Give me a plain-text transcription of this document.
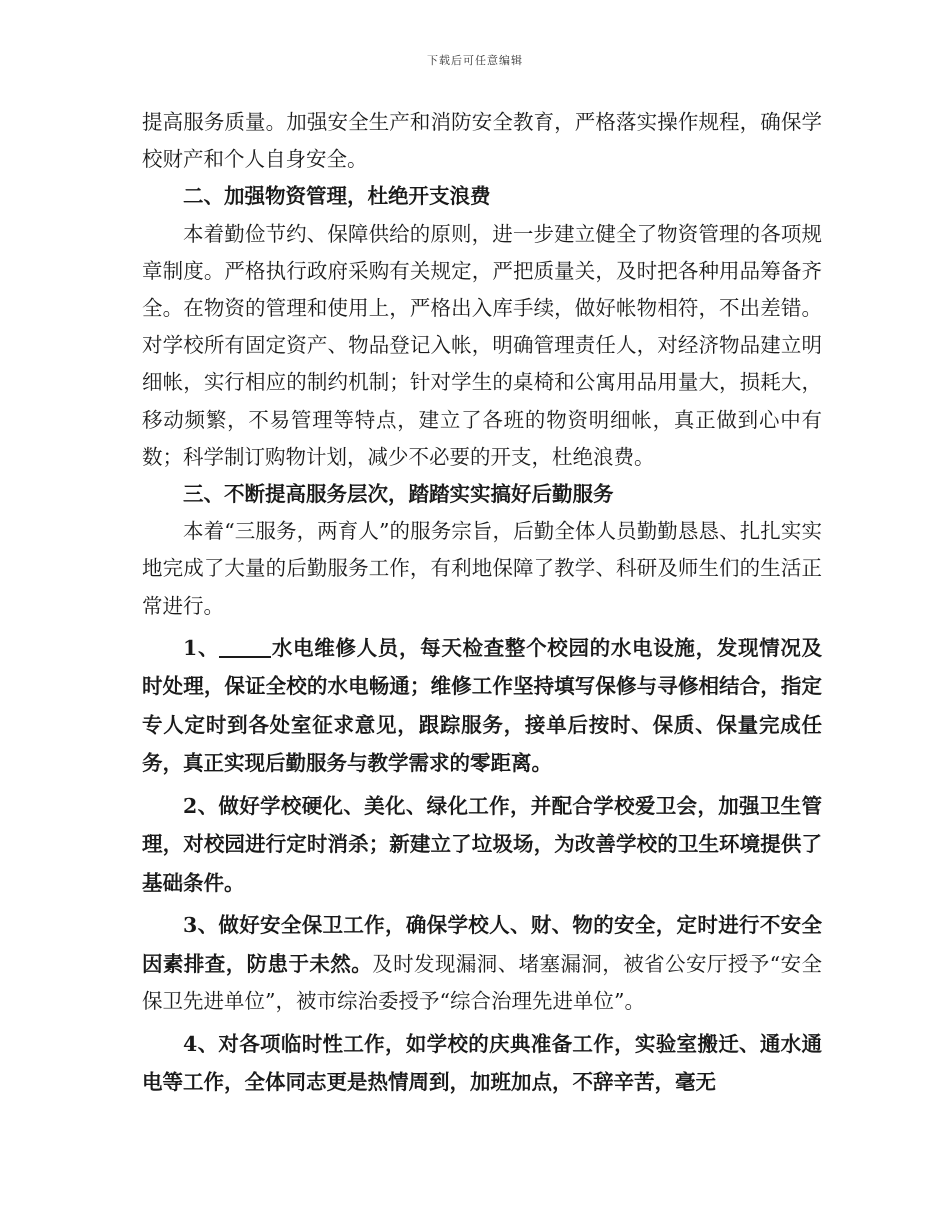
下载后可任意编辑

提高服务质量。加强安全生产和消防安全教育，严格落实操作规程，确保学校财产和个人自身安全。

二、加强物资管理，杜绝开支浪费

本着勤俭节约、保障供给的原则，进一步建立健全了物资管理的各项规章制度。严格执行政府采购有关规定，严把质量关，及时把各种用品筹备齐全。在物资的管理和使用上，严格出入库手续，做好帐物相符，不出差错。对学校所有固定资产、物品登记入帐，明确管理责任人，对经济物品建立明细帐，实行相应的制约机制；针对学生的桌椅和公寓用品用量大，损耗大，移动频繁，不易管理等特点，建立了各班的物资明细帐，真正做到心中有数；科学制订购物计划，减少不必要的开支，杜绝浪费。

三、不断提高服务层次，踏踏实实搞好后勤服务

本着“三服务，两育人”的服务宗旨，后勤全体人员勤勤恳恳、扎扎实实地完成了大量的后勤服务工作，有利地保障了教学、科研及师生们的生活正常进行。

1、	水电维修人员，每天检查整个校园的水电设施，发现情况及时处理，保证全校的水电畅通；维修工作坚持填写保修与寻修相结合，指定专人定时到各处室征求意见，跟踪服务，接单后按时、保质、保量完成任务，真正实现后勤服务与教学需求的零距离。

2、做好学校硬化、美化、绿化工作，并配合学校爱卫会，加强卫生管理，对校园进行定时消杀；新建立了垃圾场，为改善学校的卫生环境提供了基础条件。

3、做好安全保卫工作，确保学校人、财、物的安全，定时进行不安全因素排查，防患于未然。及时发现漏洞、堵塞漏洞，被省公安厅授予“安全保卫先进单位”，被市综治委授予“综合治理先进单位”。

4、对各项临时性工作，如学校的庆典准备工作，实验室搬迁、通水通电等工作，全体同志更是热情周到，加班加点，不辞辛苦，毫无
